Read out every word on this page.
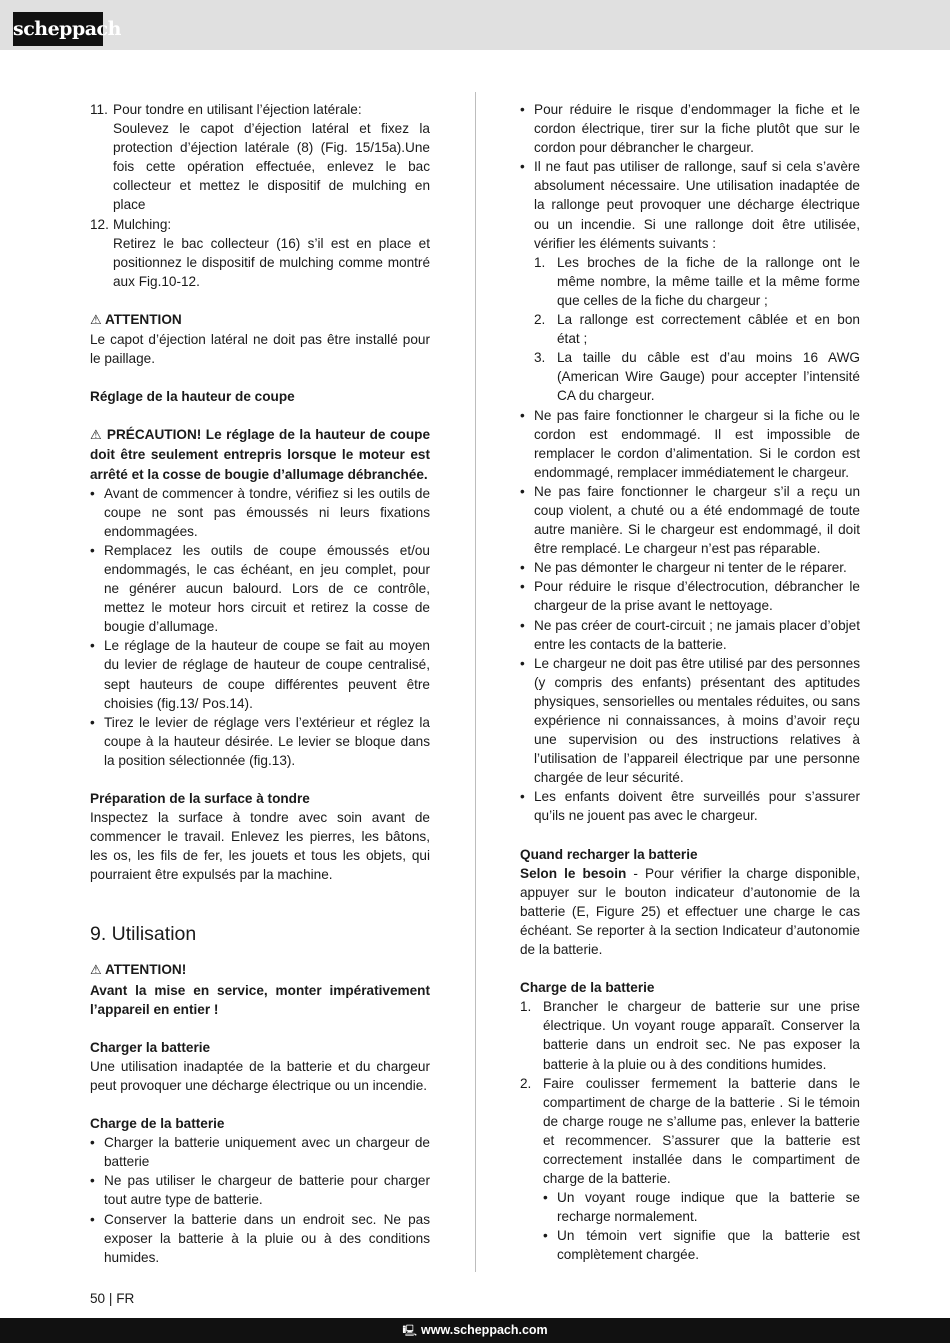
scheppach
11. Pour tondre en utilisant l’éjection latérale:

Soulevez le capot d’éjection latéral et fixez la protection d’éjection latérale (8) (Fig. 15/15a).Une fois cette opération effectuée, enlevez le bac collecteur et mettez le dispositif de mulching en place

12. Mulching:

Retirez le bac collecteur (16) s’il est en place et positionnez le dispositif de mulching comme montré aux Fig.10-12.

⚠ ATTENTION

Le capot d’éjection latéral ne doit pas être installé pour le paillage.

Réglage de la hauteur de coupe

⚠ PRÉCAUTION! Le réglage de la hauteur de coupe doit être seulement entrepris lorsque le moteur est arrêté et la cosse de bougie d’allumage débranchée.

• Avant de commencer à tondre, vérifiez si les outils de coupe ne sont pas émoussés ni leurs fixations endommagées.
• Remplacez les outils de coupe émoussés et/ou endommagés, le cas échéant, en jeu complet, pour ne générer aucun balourd. Lors de ce contrôle, mettez le moteur hors circuit et retirez la cosse de bougie d’allumage.
• Le réglage de la hauteur de coupe se fait au moyen du levier de réglage de hauteur de coupe centralisé, sept hauteurs de coupe différentes peuvent être choisies (fig.13/ Pos.14).
• Tirez le levier de réglage vers l’extérieur et réglez la coupe à la hauteur désirée. Le levier se bloque dans la position sélectionnée (fig.13).

Préparation de la surface à tondre

Inspectez la surface à tondre avec soin avant de commencer le travail. Enlevez les pierres, les bâtons, les os, les fils de fer, les jouets et tous les objets, qui pourraient être expulsés par la machine.

9. Utilisation

⚠ ATTENTION!

Avant la mise en service, monter impérativement l’appareil en entier !

Charger la batterie

Une utilisation inadaptée de la batterie et du chargeur peut provoquer une décharge électrique ou un incendie.

Charge de la batterie

• Charger la batterie uniquement avec un chargeur de batterie
• Ne pas utiliser le chargeur de batterie pour charger tout autre type de batterie.
• Conserver la batterie dans un endroit sec. Ne pas exposer la batterie à la pluie ou à des conditions humides.
• Pour réduire le risque d’endommager la fiche et le cordon électrique, tirer sur la fiche plutôt que sur le cordon pour débrancher le chargeur.
• Il ne faut pas utiliser de rallonge, sauf si cela s’avère absolument nécessaire. Une utilisation inadaptée de la rallonge peut provoquer une décharge électrique ou un incendie. Si une rallonge doit être utilisée, vérifier les éléments suivants :
1. Les broches de la fiche de la rallonge ont le même nombre, la même taille et la même forme que celles de la fiche du chargeur ;
2. La rallonge est correctement câblée et en bon état ;
3. La taille du câble est d’au moins 16 AWG (American Wire Gauge) pour accepter l’intensité CA du chargeur.
• Ne pas faire fonctionner le chargeur si la fiche ou le cordon est endommagé. Il est impossible de remplacer le cordon d’alimentation. Si le cordon est endommagé, remplacer immédiatement le chargeur.
• Ne pas faire fonctionner le chargeur s’il a reçu un coup violent, a chuté ou a été endommagé de toute autre manière. Si le chargeur est endommagé, il doit être remplacé. Le chargeur n’est pas réparable.
• Ne pas démonter le chargeur ni tenter de le réparer.
• Pour réduire le risque d’électrocution, débrancher le chargeur de la prise avant le nettoyage.
• Ne pas créer de court-circuit ; ne jamais placer d’objet entre les contacts de la batterie.
• Le chargeur ne doit pas être utilisé par des personnes (y compris des enfants) présentant des aptitudes physiques, sensorielles ou mentales réduites, ou sans expérience ni connaissances, à moins d’avoir reçu une supervision ou des instructions relatives à l’utilisation de l’appareil électrique par une personne chargée de leur sécurité.
• Les enfants doivent être surveillés pour s’assurer qu’ils ne jouent pas avec le chargeur.

Quand recharger la batterie

Selon le besoin - Pour vérifier la charge disponible, appuyer sur le bouton indicateur d’autonomie de la batterie (E, Figure 25) et effectuer une charge le cas échéant. Se reporter à la section Indicateur d’autonomie de la batterie.

Charge de la batterie

1. Brancher le chargeur de batterie sur une prise électrique. Un voyant rouge apparaît. Conserver la batterie dans un endroit sec. Ne pas exposer la batterie à la pluie ou à des conditions humides.
2. Faire coulisser fermement la batterie dans le compartiment de charge de la batterie . Si le témoin de charge rouge ne s’allume pas, enlever la batterie et recommencer. S’assurer que la batterie est correctement installée dans le compartiment de charge de la batterie.
• Un voyant rouge indique que la batterie se recharge normalement.
• Un témoin vert signifie que la batterie est complètement chargée.
50 | FR
🖳 www.scheppach.com
